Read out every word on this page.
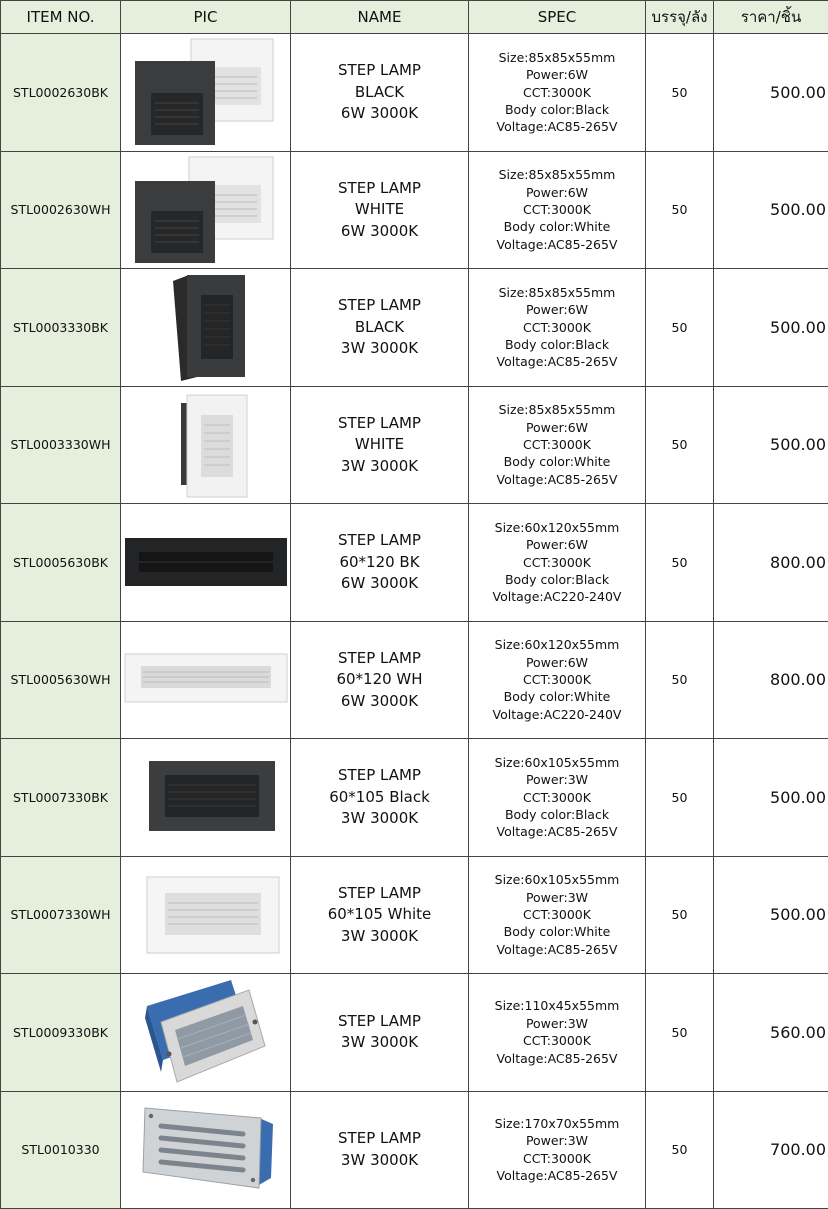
ITEM NO.	PIC	NAME	SPEC	บรรจุ/ลัง	ราคา/ชิ้น
STL0002630BK		STEP LAMP
BLACK
6W 3000K	Size:85x85x55mm
Power:6W
CCT:3000K
Body color:Black
Voltage:AC85-265V	50	500.00
STL0002630WH		STEP LAMP
WHITE
6W 3000K	Size:85x85x55mm
Power:6W
CCT:3000K
Body color:White
Voltage:AC85-265V	50	500.00
STL0003330BK		STEP LAMP
BLACK
3W 3000K	Size:85x85x55mm
Power:6W
CCT:3000K
Body color:Black
Voltage:AC85-265V	50	500.00
STL0003330WH		STEP LAMP
WHITE
3W 3000K	Size:85x85x55mm
Power:6W
CCT:3000K
Body color:White
Voltage:AC85-265V	50	500.00
STL0005630BK		STEP LAMP
60*120 BK
6W 3000K	Size:60x120x55mm
Power:6W
CCT:3000K
Body color:Black
Voltage:AC220-240V	50	800.00
STL0005630WH		STEP LAMP
60*120 WH
6W 3000K	Size:60x120x55mm
Power:6W
CCT:3000K
Body color:White
Voltage:AC220-240V	50	800.00
STL0007330BK		STEP LAMP
60*105 Black
3W 3000K	Size:60x105x55mm
Power:3W
CCT:3000K
Body color:Black
Voltage:AC85-265V	50	500.00
STL0007330WH		STEP LAMP
60*105 White
3W 3000K	Size:60x105x55mm
Power:3W
CCT:3000K
Body color:White
Voltage:AC85-265V	50	500.00
STL0009330BK		STEP LAMP
3W 3000K	Size:110x45x55mm
Power:3W
CCT:3000K
Voltage:AC85-265V	50	560.00
STL0010330		STEP LAMP
3W 3000K	Size:170x70x55mm
Power:3W
CCT:3000K
Voltage:AC85-265V	50	700.00
